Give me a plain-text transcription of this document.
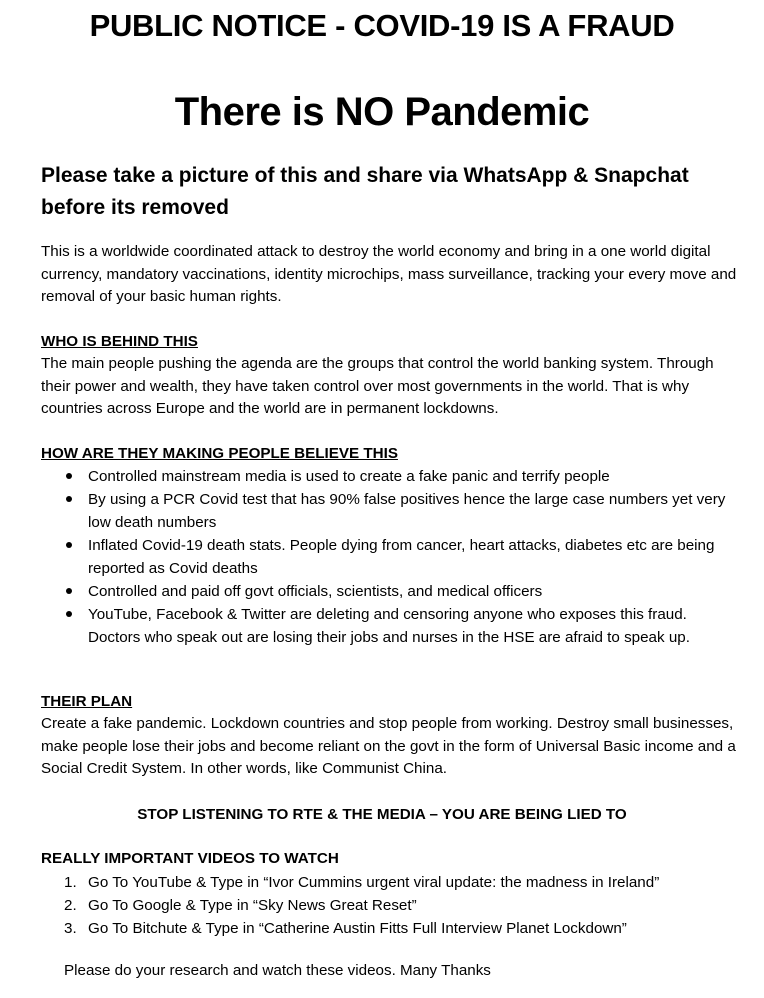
PUBLIC NOTICE - COVID-19 IS A FRAUD
There is NO Pandemic
Please take a picture of this and share via WhatsApp & Snapchat before its removed
This is a worldwide coordinated attack to destroy the world economy and bring in a one world digital currency, mandatory vaccinations, identity microchips, mass surveillance, tracking your every move and removal of your basic human rights.
WHO IS BEHIND THIS
The main people pushing the agenda are the groups that control the world banking system. Through their power and wealth, they have taken control over most governments in the world. That is why countries across Europe and the world are in permanent lockdowns.
HOW ARE THEY MAKING PEOPLE BELIEVE THIS
Controlled mainstream media is used to create a fake panic and terrify people
By using a PCR Covid test that has 90% false positives hence the large case numbers yet very low death numbers
Inflated Covid-19 death stats. People dying from cancer, heart attacks, diabetes etc are being reported as Covid deaths
Controlled and paid off govt officials, scientists, and medical officers
YouTube, Facebook & Twitter are deleting and censoring anyone who exposes this fraud. Doctors who speak out are losing their jobs and nurses in the HSE are afraid to speak up.
THEIR PLAN
Create a fake pandemic. Lockdown countries and stop people from working. Destroy small businesses, make people lose their jobs and become reliant on the govt in the form of Universal Basic income and a Social Credit System. In other words, like Communist China.
STOP LISTENING TO RTE & THE MEDIA – YOU ARE BEING LIED TO
REALLY IMPORTANT VIDEOS TO WATCH
1. Go To YouTube & Type in “Ivor Cummins urgent viral update: the madness in Ireland”
2. Go To Google & Type in “Sky News Great Reset”
3. Go To Bitchute & Type in “Catherine Austin Fitts Full Interview Planet Lockdown”
Please do your research and watch these videos. Many Thanks
